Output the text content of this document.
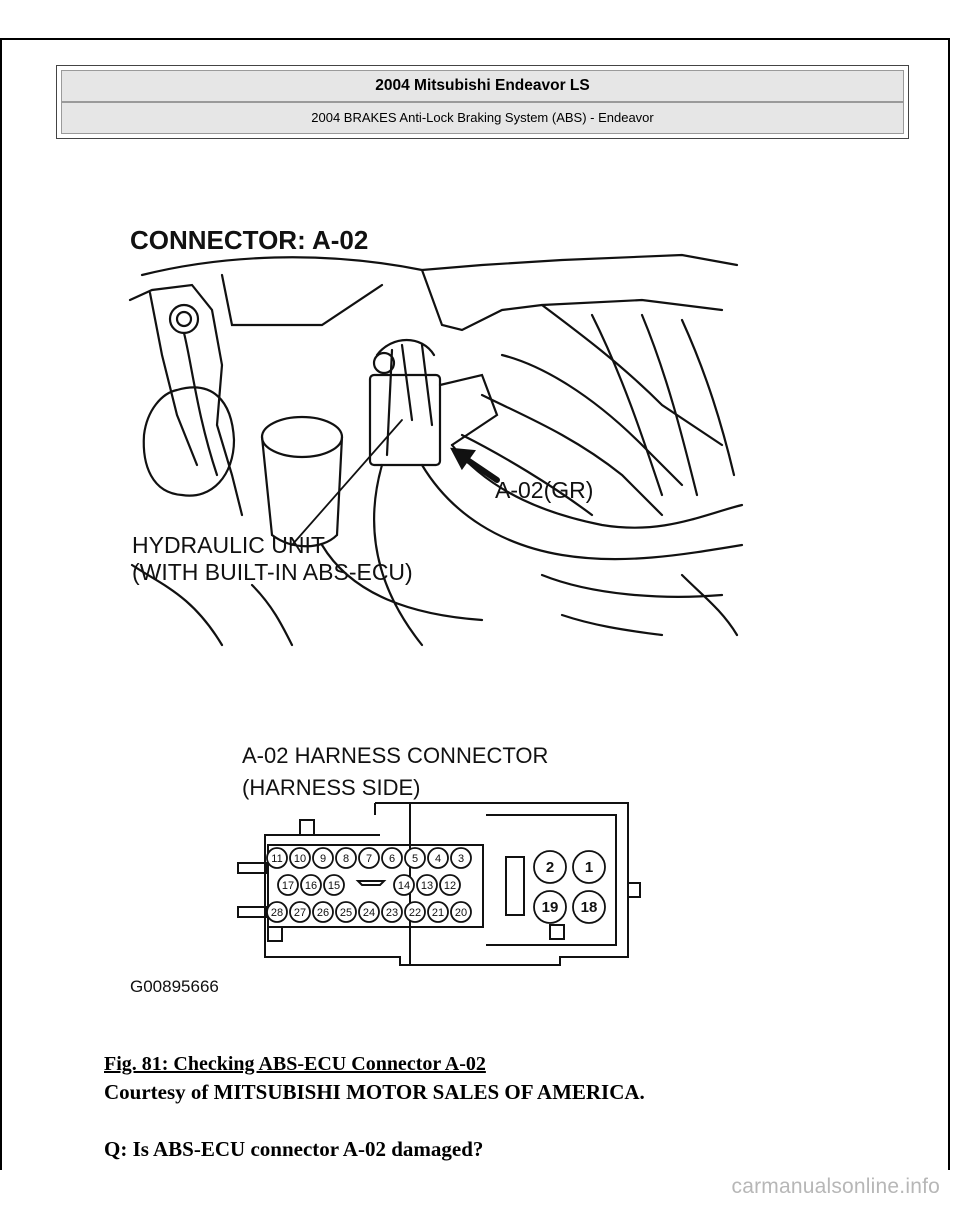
2004 Mitsubishi Endeavor LS
2004 BRAKES Anti-Lock Braking System (ABS) - Endeavor
CONNECTOR: A-02
A-02(GR)
HYDRAULIC UNIT
(WITH BUILT-IN ABS-ECU)
A-02 HARNESS CONNECTOR
(HARNESS SIDE)
11 10 9 8 7 6 5 4 3
17 16 15	14 13 12
28 27 26 25 24 23 22 21 20
2 1
19 18
G00895666
Fig. 81: Checking ABS-ECU Connector A-02
Courtesy of MITSUBISHI MOTOR SALES OF AMERICA.
Q: Is ABS-ECU connector A-02 damaged?
carmanualsonline.info
